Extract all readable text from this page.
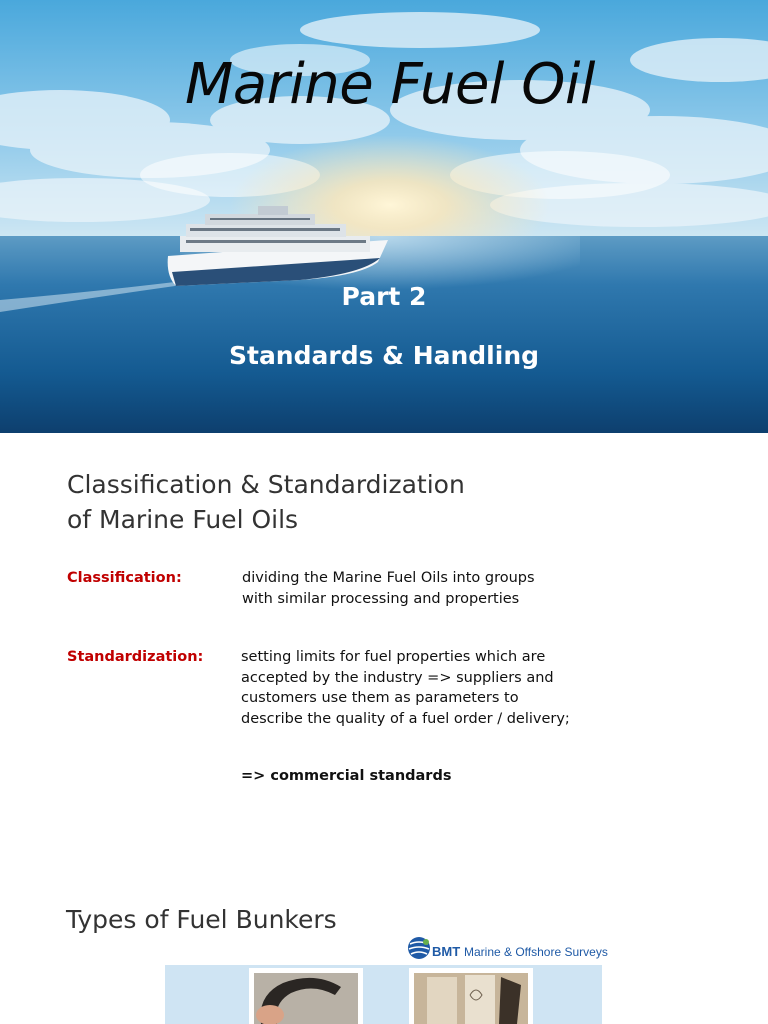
Marine Fuel Oil
Part 2
Standards & Handling
Classification & Standardization
of Marine Fuel Oils
Classification:	dividing the Marine Fuel Oils into groups
with similar processing and properties
Standardization:	setting limits for fuel properties which are
accepted by the industry => suppliers and
customers use them as parameters to
describe the quality of a fuel order / delivery;
=> commercial standards
Types of Fuel Bunkers
BMT Marine & Offshore Surveys
